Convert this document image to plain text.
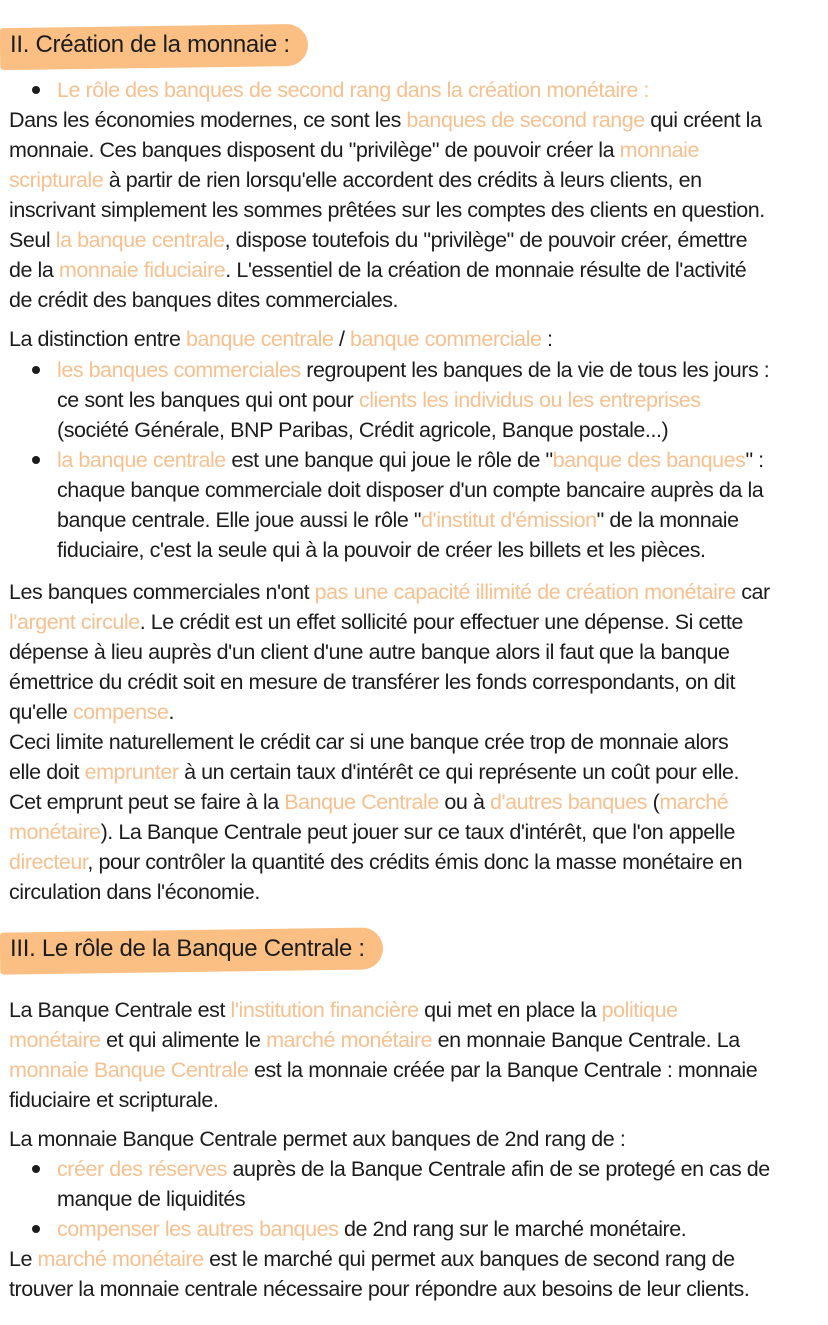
II. Création de la monnaie :
III. Le rôle de la Banque Centrale :
Le rôle des banques de second rang dans la création monétaire :
Dans les économies modernes, ce sont les banques de second range qui créent la
monnaie. Ces banques disposent du "privilège" de pouvoir créer la monnaie
scripturale à partir de rien lorsqu'elle accordent des crédits à leurs clients, en
inscrivant simplement les sommes prêtées sur les comptes des clients en question.
Seul la banque centrale, dispose toutefois du "privilège" de pouvoir créer, émettre
de la monnaie fiduciaire. L'essentiel de la création de monnaie résulte de l'activité
de crédit des banques dites commerciales.
La distinction entre banque centrale / banque commerciale :
les banques commerciales regroupent les banques de la vie de tous les jours :
ce sont les banques qui ont pour clients les individus ou les entreprises
(société Générale, BNP Paribas, Crédit agricole, Banque postale...)
la banque centrale est une banque qui joue le rôle de "banque des banques" :
chaque banque commerciale doit disposer d'un compte bancaire auprès da la
banque centrale. Elle joue aussi le rôle "d'institut d'émission" de la monnaie
fiduciaire, c'est la seule qui à la pouvoir de créer les billets et les pièces.
Les banques commerciales n'ont pas une capacité illimité de création monétaire car
l'argent circule. Le crédit est un effet sollicité pour effectuer une dépense. Si cette
dépense à lieu auprès d'un client d'une autre banque alors il faut que la banque
émettrice du crédit soit en mesure de transférer les fonds correspondants, on dit
qu'elle compense.
Ceci limite naturellement le crédit car si une banque crée trop de monnaie alors
elle doit emprunter à un certain taux d'intérêt ce qui représente un coût pour elle.
Cet emprunt peut se faire à la Banque Centrale ou à d'autres banques (marché
monétaire). La Banque Centrale peut jouer sur ce taux d'intérêt, que l'on appelle
directeur, pour contrôler la quantité des crédits émis donc la masse monétaire en
circulation dans l'économie.
La Banque Centrale est l'institution financière qui met en place la politique
monétaire et qui alimente le marché monétaire en monnaie Banque Centrale. La
monnaie Banque Centrale est la monnaie créée par la Banque Centrale : monnaie
fiduciaire et scripturale.
La monnaie Banque Centrale permet aux banques de 2nd rang de :
créer des réserves auprès de la Banque Centrale afin de se protegé en cas de
manque de liquidités
compenser les autres banques de 2nd rang sur le marché monétaire.
Le marché monétaire est le marché qui permet aux banques de second rang de
trouver la monnaie centrale nécessaire pour répondre aux besoins de leur clients.
